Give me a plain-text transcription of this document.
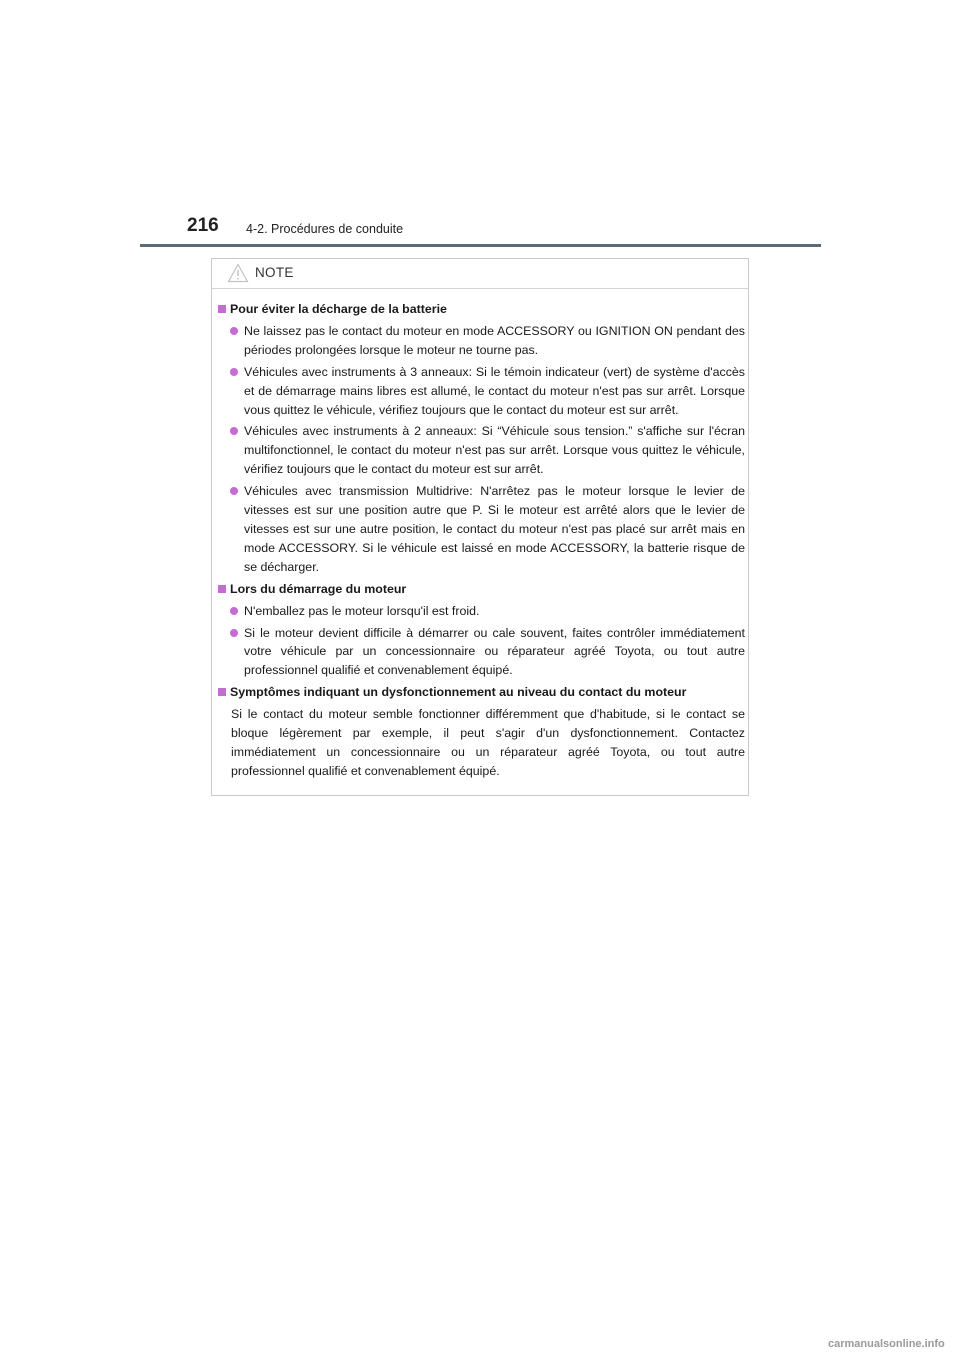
216 4-2. Procédures de conduite
NOTE
Pour éviter la décharge de la batterie
Ne laissez pas le contact du moteur en mode ACCESSORY ou IGNITION ON pendant des périodes prolongées lorsque le moteur ne tourne pas.
Véhicules avec instruments à 3 anneaux: Si le témoin indicateur (vert) de système d'accès et de démarrage mains libres est allumé, le contact du moteur n'est pas sur arrêt. Lorsque vous quittez le véhicule, vérifiez toujours que le contact du moteur est sur arrêt.
Véhicules avec instruments à 2 anneaux: Si “Véhicule sous tension.” s'affiche sur l'écran multifonctionnel, le contact du moteur n'est pas sur arrêt. Lorsque vous quittez le véhicule, vérifiez toujours que le contact du moteur est sur arrêt.
Véhicules avec transmission Multidrive: N'arrêtez pas le moteur lorsque le levier de vitesses est sur une position autre que P. Si le moteur est arrêté alors que le levier de vitesses est sur une autre position, le contact du moteur n'est pas placé sur arrêt mais en mode ACCESSORY. Si le véhicule est laissé en mode ACCESSORY, la batterie risque de se décharger.
Lors du démarrage du moteur
N'emballez pas le moteur lorsqu'il est froid.
Si le moteur devient difficile à démarrer ou cale souvent, faites contrôler immédiatement votre véhicule par un concessionnaire ou réparateur agréé Toyota, ou tout autre professionnel qualifié et convenablement équipé.
Symptômes indiquant un dysfonctionnement au niveau du contact du moteur
Si le contact du moteur semble fonctionner différemment que d'habitude, si le contact se bloque légèrement par exemple, il peut s'agir d'un dysfonctionnement. Contactez immédiatement un concessionnaire ou un réparateur agréé Toyota, ou tout autre professionnel qualifié et convenablement équipé.
carmanualsonline.info
